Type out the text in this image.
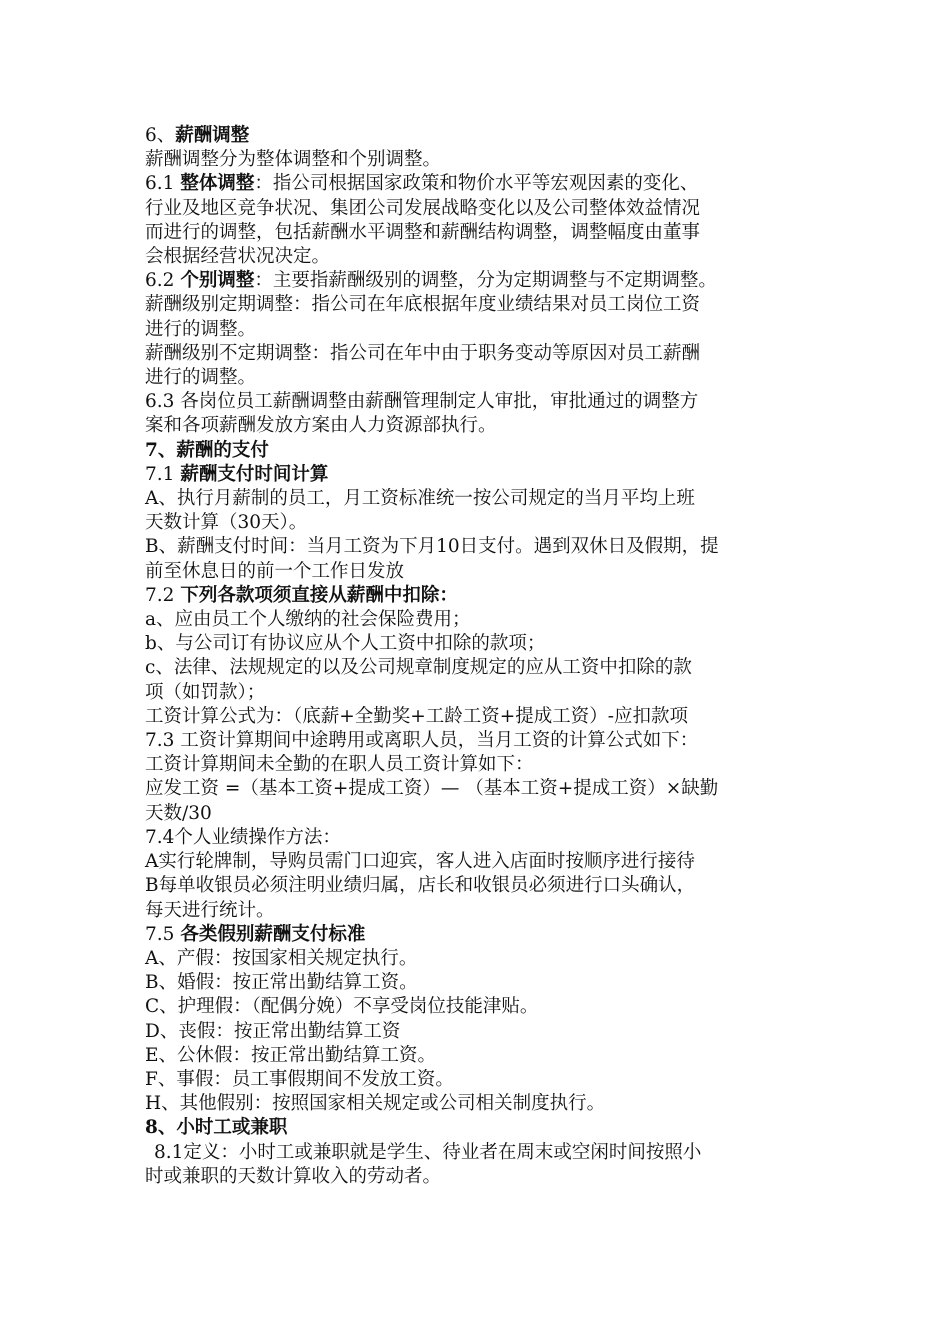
6、薪酬调整
薪酬调整分为整体调整和个别调整。
6.1 整体调整：指公司根据国家政策和物价水平等宏观因素的变化、
行业及地区竞争状况、集团公司发展战略变化以及公司整体效益情况
而进行的调整，包括薪酬水平调整和薪酬结构调整，调整幅度由董事
会根据经营状况决定。
6.2 个别调整：主要指薪酬级别的调整，分为定期调整与不定期调整。
薪酬级别定期调整：指公司在年底根据年度业绩结果对员工岗位工资
进行的调整。
薪酬级别不定期调整：指公司在年中由于职务变动等原因对员工薪酬
进行的调整。
6.3 各岗位员工薪酬调整由薪酬管理制定人审批，审批通过的调整方
案和各项薪酬发放方案由人力资源部执行。
7、薪酬的支付
7.1 薪酬支付时间计算
A、执行月薪制的员工，月工资标准统一按公司规定的当月平均上班
天数计算（30天）。
B、薪酬支付时间：当月工资为下月10日支付。遇到双休日及假期，提
前至休息日的前一个工作日发放
7.2 下列各款项须直接从薪酬中扣除：
a、应由员工个人缴纳的社会保险费用；
b、与公司订有协议应从个人工资中扣除的款项；
c、法律、法规规定的以及公司规章制度规定的应从工资中扣除的款
项（如罚款）；
工资计算公式为：（底薪+全勤奖+工龄工资+提成工资）-应扣款项
7.3 工资计算期间中途聘用或离职人员，当月工资的计算公式如下：
工资计算期间未全勤的在职人员工资计算如下：
应发工资 =（基本工资+提成工资）— （基本工资+提成工资）×缺勤
天数/30
7.4个人业绩操作方法：
A实行轮牌制，导购员需门口迎宾，客人进入店面时按顺序进行接待
B每单收银员必须注明业绩归属，店长和收银员必须进行口头确认，
每天进行统计。
7.5 各类假别薪酬支付标准
A、产假：按国家相关规定执行。
B、婚假：按正常出勤结算工资。
C、护理假：（配偶分娩）不享受岗位技能津贴。
D、丧假：按正常出勤结算工资
E、公休假：按正常出勤结算工资。
F、事假：员工事假期间不发放工资。
H、其他假别：按照国家相关规定或公司相关制度执行。
8、小时工或兼职
8.1定义：小时工或兼职就是学生、待业者在周末或空闲时间按照小
时或兼职的天数计算收入的劳动者。
